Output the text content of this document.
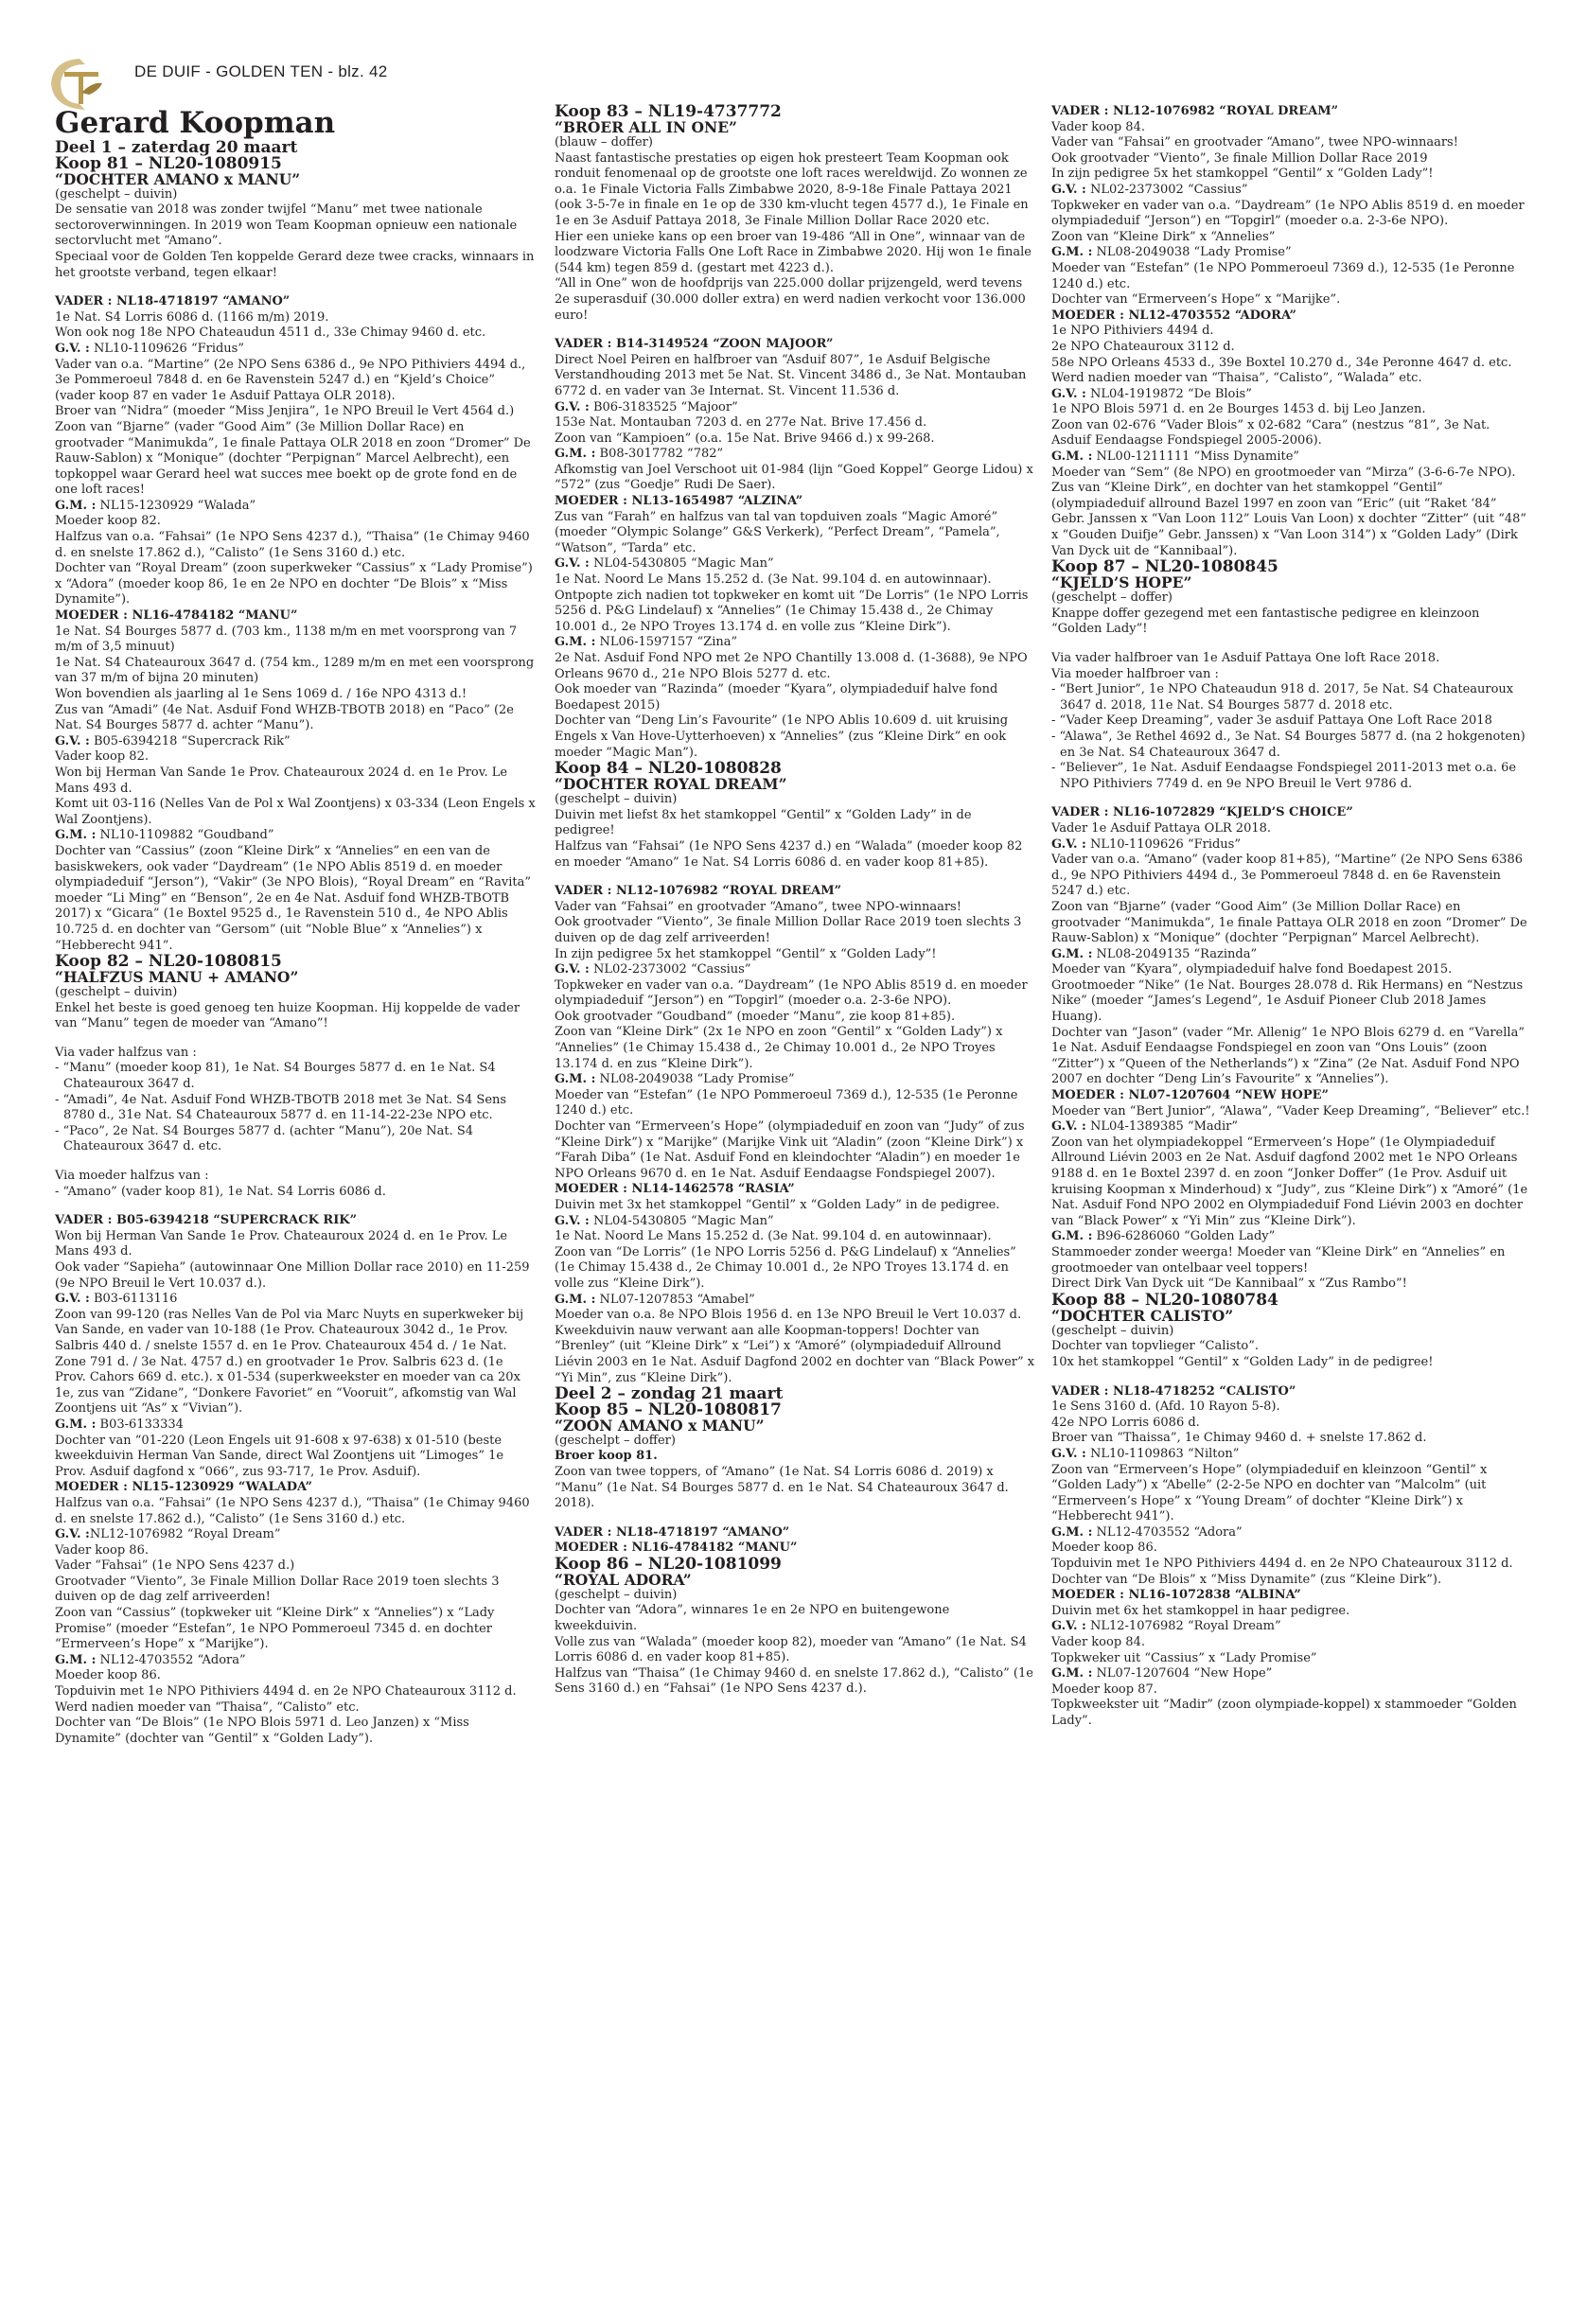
DE DUIF - GOLDEN TEN - blz. 42

Gerard Koopman

Deel 1 – zaterdag 20 maart

Koop 81 – NL20-1080915

“DOCHTER AMANO x MANU”

(geschelpt – duivin)

De sensatie van 2018 was zonder twijfel “Manu” met twee nationale sectoroverwinningen. In 2019 won Team Koopman opnieuw een nationale sectorvlucht met “Amano”.

Speciaal voor de Golden Ten koppelde Gerard deze twee cracks, winnaars in het grootste verband, tegen elkaar!

VADER : NL18-4718197 “AMANO”

1e Nat. S4 Lorris 6086 d. (1166 m/m) 2019.

Won ook nog 18e NPO Chateaudun 4511 d., 33e Chimay 9460 d. etc.

G.V. : NL10-1109626 “Fridus”

Vader van o.a. “Martine” (2e NPO Sens 6386 d., 9e NPO Pithiviers 4494 d., 3e Pommeroeul 7848 d. en 6e Ravenstein 5247 d.) en “Kjeld’s Choice” (vader koop 87 en vader 1e Asduif Pattaya OLR 2018).

Broer van “Nidra” (moeder “Miss Jenjira”, 1e NPO Breuil le Vert 4564 d.)

Zoon van “Bjarne” (vader “Good Aim” (3e Million Dollar Race) en grootvader “Manimukda”, 1e finale Pattaya OLR 2018 en zoon “Dromer” De Rauw-Sablon) x “Monique” (dochter “Perpignan” Marcel Aelbrecht), een topkoppel waar Gerard heel wat succes mee boekt op de grote fond en de one loft races!

G.M. : NL15-1230929 “Walada”

Moeder koop 82.

Halfzus van o.a. “Fahsai” (1e NPO Sens 4237 d.), “Thaisa” (1e Chimay 9460 d. en snelste 17.862 d.), “Calisto” (1e Sens 3160 d.) etc.

Dochter van “Royal Dream” (zoon superkweker “Cassius” x “Lady Promise”) x “Adora” (moeder koop 86, 1e en 2e NPO en dochter “De Blois” x “Miss Dynamite”).

MOEDER : NL16-4784182 “MANU”

1e Nat. S4 Bourges 5877 d. (703 km., 1138 m/m en met voorsprong van 7 m/m of 3,5 minuut)

1e Nat. S4 Chateauroux 3647 d. (754 km., 1289 m/m en met een voorsprong van 37 m/m of bijna 20 minuten)

Won bovendien als jaarling al 1e Sens 1069 d. / 16e NPO 4313 d.!

Zus van “Amadi” (4e Nat. Asduif Fond WHZB-TBOTB 2018) en “Paco” (2e Nat. S4 Bourges 5877 d. achter “Manu”).

G.V. : B05-6394218 “Supercrack Rik”

Vader koop 82.

Won bij Herman Van Sande 1e Prov. Chateauroux 2024 d. en 1e Prov. Le Mans 493 d.

Komt uit 03-116 (Nelles Van de Pol x Wal Zoontjens) x 03-334 (Leon Engels x Wal Zoontjens).

G.M. : NL10-1109882 “Goudband”

Dochter van “Cassius” (zoon “Kleine Dirk” x “Annelies” en een van de basiskwekers, ook vader “Daydream” (1e NPO Ablis 8519 d. en moeder olympiadeduif “Jerson”), “Vakir” (3e NPO Blois), “Royal Dream” en “Ravita” moeder “Li Ming” en “Benson”, 2e en 4e Nat. Asduif fond WHZB-TBOTB 2017) x “Gicara” (1e Boxtel 9525 d., 1e Ravenstein 510 d., 4e NPO Ablis 10.725 d. en dochter van “Gersom” (uit “Noble Blue” x “Annelies”) x “Hebberecht 941”.

Koop 82 – NL20-1080815

“HALFZUS MANU + AMANO”

(geschelpt – duivin)

Enkel het beste is goed genoeg ten huize Koopman. Hij koppelde de vader van “Manu” tegen de moeder van “Amano”!

Via vader halfzus van :

- “Manu” (moeder koop 81), 1e Nat. S4 Bourges 5877 d. en 1e Nat. S4 Chateauroux 3647 d.

- “Amadi”, 4e Nat. Asduif Fond WHZB-TBOTB 2018 met 3e Nat. S4 Sens 8780 d., 31e Nat. S4 Chateauroux 5877 d. en 11-14-22-23e NPO etc.

- “Paco”, 2e Nat. S4 Bourges 5877 d. (achter “Manu”), 20e Nat. S4 Chateauroux 3647 d. etc.

Via moeder halfzus van :

- “Amano” (vader koop 81), 1e Nat. S4 Lorris 6086 d.

VADER : B05-6394218 “SUPERCRACK RIK”

Won bij Herman Van Sande 1e Prov. Chateauroux 2024 d. en 1e Prov. Le Mans 493 d.

Ook vader “Sapieha” (autowinnaar One Million Dollar race 2010) en 11-259 (9e NPO Breuil le Vert 10.037 d.).

G.V. : B03-6113116

Zoon van 99-120 (ras Nelles Van de Pol via Marc Nuyts en superkweker bij Van Sande, en vader van 10-188 (1e Prov. Chateauroux 3042 d., 1e Prov. Salbris 440 d. / snelste 1557 d. en 1e Prov. Chateauroux 454 d. / 1e Nat. Zone 791 d. / 3e Nat. 4757 d.) en grootvader 1e Prov. Salbris 623 d. (1e Prov. Cahors 669 d. etc.). x 01-534 (superkweekster en moeder van ca 20x 1e, zus van “Zidane”, “Donkere Favoriet” en “Vooruit”, afkomstig van Wal Zoontjens uit “As” x “Vivian”).

G.M. : B03-6133334

Dochter van “01-220 (Leon Engels uit 91-608 x 97-638) x 01-510 (beste kweekduivin Herman Van Sande, direct Wal Zoontjens uit “Limoges” 1e Prov. Asduif dagfond x “066”, zus 93-717, 1e Prov. Asduif).

MOEDER : NL15-1230929 “WALADA”

Halfzus van o.a. “Fahsai” (1e NPO Sens 4237 d.), “Thaisa” (1e Chimay 9460 d. en snelste 17.862 d.), “Calisto” (1e Sens 3160 d.) etc.

G.V. :NL12-1076982 “Royal Dream”

Vader koop 86.

Vader “Fahsai” (1e NPO Sens 4237 d.)

Grootvader “Viento”, 3e Finale Million Dollar Race 2019 toen slechts 3 duiven op de dag zelf arriveerden!

Zoon van “Cassius” (topkweker uit “Kleine Dirk” x “Annelies”) x “Lady Promise” (moeder “Estefan”, 1e NPO Pommeroeul 7345 d. en dochter “Ermerveen’s Hope” x “Marijke”).

G.M. : NL12-4703552 “Adora”

Moeder koop 86.

Topduivin met 1e NPO Pithiviers 4494 d. en 2e NPO Chateauroux 3112 d.

Werd nadien moeder van “Thaisa”, “Calisto” etc.

Dochter van “De Blois” (1e NPO Blois 5971 d. Leo Janzen) x “Miss Dynamite” (dochter van “Gentil” x “Golden Lady”).

Koop 83 – NL19-4737772

“BROER ALL IN ONE”

(blauw – doffer)

Naast fantastische prestaties op eigen hok presteert Team Koopman ook ronduit fenomenaal op de grootste one loft races wereldwijd. Zo wonnen ze o.a. 1e Finale Victoria Falls Zimbabwe 2020, 8-9-18e Finale Pattaya 2021 (ook 3-5-7e in finale en 1e op de 330 km-vlucht tegen 4577 d.), 1e Finale en 1e en 3e Asduif Pattaya 2018, 3e Finale Million Dollar Race 2020 etc.

Hier een unieke kans op een broer van 19-486 “All in One”, winnaar van de loodzware Victoria Falls One Loft Race in Zimbabwe 2020. Hij won 1e finale (544 km) tegen 859 d. (gestart met 4223 d.).

“All in One” won de hoofdprijs van 225.000 dollar prijzengeld, werd tevens 2e superasduif (30.000 doller extra) en werd nadien verkocht voor 136.000 euro!

VADER : B14-3149524 “ZOON MAJOOR”

Direct Noel Peiren en halfbroer van “Asduif 807”, 1e Asduif Belgische Verstandhouding 2013 met 5e Nat. St. Vincent 3486 d., 3e Nat. Montauban 6772 d. en vader van 3e Internat. St. Vincent 11.536 d.

G.V. : B06-3183525 “Majoor”

153e Nat. Montauban 7203 d. en 277e Nat. Brive 17.456 d.

Zoon van “Kampioen” (o.a. 15e Nat. Brive 9466 d.) x 99-268.

G.M. : B08-3017782 “782”

Afkomstig van Joel Verschoot uit 01-984 (lijn “Goed Koppel” George Lidou) x “572” (zus “Goedje” Rudi De Saer).

MOEDER : NL13-1654987 “ALZINA”

Zus van “Farah” en halfzus van tal van topduiven zoals “Magic Amoré” (moeder “Olympic Solange” G&S Verkerk), “Perfect Dream”, “Pamela”, “Watson”, “Tarda” etc.

G.V. : NL04-5430805 “Magic Man”

1e Nat. Noord Le Mans 15.252 d. (3e Nat. 99.104 d. en autowinnaar).

Ontpopte zich nadien tot topkweker en komt uit “De Lorris” (1e NPO Lorris 5256 d. P&G Lindelauf) x “Annelies” (1e Chimay 15.438 d., 2e Chimay 10.001 d., 2e NPO Troyes 13.174 d. en volle zus “Kleine Dirk”).

G.M. : NL06-1597157 “Zina”

2e Nat. Asduif Fond NPO met 2e NPO Chantilly 13.008 d. (1-3688), 9e NPO Orleans 9670 d., 21e NPO Blois 5277 d. etc.

Ook moeder van “Razinda” (moeder “Kyara”, olympiadeduif halve fond Boedapest 2015)

Dochter van “Deng Lin’s Favourite” (1e NPO Ablis 10.609 d. uit kruising Engels x Van Hove-Uytterhoeven) x “Annelies” (zus “Kleine Dirk” en ook moeder “Magic Man”).

Koop 84 – NL20-1080828

“DOCHTER ROYAL DREAM”

(geschelpt – duivin)

Duivin met liefst 8x het stamkoppel “Gentil” x “Golden Lady” in de pedigree!

Halfzus van “Fahsai” (1e NPO Sens 4237 d.) en “Walada” (moeder koop 82 en moeder “Amano” 1e Nat. S4 Lorris 6086 d. en vader koop 81+85).

VADER : NL12-1076982 “ROYAL DREAM”

Vader van “Fahsai” en grootvader “Amano”, twee NPO-winnaars!

Ook grootvader “Viento”, 3e finale Million Dollar Race 2019 toen slechts 3 duiven op de dag zelf arriveerden!

In zijn pedigree 5x het stamkoppel “Gentil” x “Golden Lady”!

G.V. : NL02-2373002 “Cassius”

Topkweker en vader van o.a. “Daydream” (1e NPO Ablis 8519 d. en moeder olympiadeduif “Jerson”) en “Topgirl” (moeder o.a. 2-3-6e NPO).

Ook grootvader “Goudband” (moeder “Manu”, zie koop 81+85).

Zoon van “Kleine Dirk” (2x 1e NPO en zoon “Gentil” x “Golden Lady”) x “Annelies” (1e Chimay 15.438 d., 2e Chimay 10.001 d., 2e NPO Troyes 13.174 d. en zus “Kleine Dirk”).

G.M. : NL08-2049038 “Lady Promise”

Moeder van “Estefan” (1e NPO Pommeroeul 7369 d.), 12-535 (1e Peronne 1240 d.) etc.

Dochter van “Ermerveen’s Hope” (olympiadeduif en zoon van “Judy” of zus “Kleine Dirk”) x “Marijke” (Marijke Vink uit “Aladin” (zoon “Kleine Dirk”) x “Farah Diba” (1e Nat. Asduif Fond en kleindochter “Aladin”) en moeder 1e NPO Orleans 9670 d. en 1e Nat. Asduif Eendaagse Fondspiegel 2007).

MOEDER : NL14-1462578 “RASIA”

Duivin met 3x het stamkoppel “Gentil” x “Golden Lady” in de pedigree.

G.V. : NL04-5430805 “Magic Man”

1e Nat. Noord Le Mans 15.252 d. (3e Nat. 99.104 d. en autowinnaar).

Zoon van “De Lorris” (1e NPO Lorris 5256 d. P&G Lindelauf) x “Annelies” (1e Chimay 15.438 d., 2e Chimay 10.001 d., 2e NPO Troyes 13.174 d. en volle zus “Kleine Dirk”).

G.M. : NL07-1207853 “Amabel”

Moeder van o.a. 8e NPO Blois 1956 d. en 13e NPO Breuil le Vert 10.037 d.

Kweekduivin nauw verwant aan alle Koopman-toppers! Dochter van “Brenley” (uit “Kleine Dirk” x “Lei”) x “Amoré” (olympiadeduif Allround Liévin 2003 en 1e Nat. Asduif Dagfond 2002 en dochter van “Black Power” x “Yi Min”, zus “Kleine Dirk”).

Deel 2 – zondag 21 maart

Koop 85 – NL20-1080817

“ZOON AMANO x MANU”

(geschelpt – doffer)

Broer koop 81.

Zoon van twee toppers, of “Amano” (1e Nat. S4 Lorris 6086 d. 2019) x “Manu” (1e Nat. S4 Bourges 5877 d. en 1e Nat. S4 Chateauroux 3647 d. 2018).

VADER : NL18-4718197 “AMANO”

MOEDER : NL16-4784182 “MANU”

Koop 86 – NL20-1081099

“ROYAL ADORA”

(geschelpt – duivin)

Dochter van “Adora”, winnares 1e en 2e NPO en buitengewone kweekduivin.

Volle zus van “Walada” (moeder koop 82), moeder van “Amano” (1e Nat. S4 Lorris 6086 d. en vader koop 81+85).

Halfzus van “Thaisa” (1e Chimay 9460 d. en snelste 17.862 d.), “Calisto” (1e Sens 3160 d.) en “Fahsai” (1e NPO Sens 4237 d.).

VADER : NL12-1076982 “ROYAL DREAM”

Vader koop 84.

Vader van “Fahsai” en grootvader “Amano”, twee NPO-winnaars!

Ook grootvader “Viento”, 3e finale Million Dollar Race 2019

In zijn pedigree 5x het stamkoppel “Gentil” x “Golden Lady”!

G.V. : NL02-2373002 “Cassius”

Topkweker en vader van o.a. “Daydream” (1e NPO Ablis 8519 d. en moeder olympiadeduif “Jerson”) en “Topgirl” (moeder o.a. 2-3-6e NPO).

Zoon van “Kleine Dirk” x “Annelies”

G.M. : NL08-2049038 “Lady Promise”

Moeder van “Estefan” (1e NPO Pommeroeul 7369 d.), 12-535 (1e Peronne 1240 d.) etc.

Dochter van “Ermerveen’s Hope” x “Marijke”.

MOEDER : NL12-4703552 “ADORA”

1e NPO Pithiviers 4494 d.

2e NPO Chateauroux 3112 d.

58e NPO Orleans 4533 d., 39e Boxtel 10.270 d., 34e Peronne 4647 d. etc.

Werd nadien moeder van “Thaisa”, “Calisto”, “Walada” etc.

G.V. : NL04-1919872 “De Blois”

1e NPO Blois 5971 d. en 2e Bourges 1453 d. bij Leo Janzen.

Zoon van 02-676 “Vader Blois” x 02-682 “Cara” (nestzus “81”, 3e Nat. Asduif Eendaagse Fondspiegel 2005-2006).

G.M. : NL00-1211111 “Miss Dynamite”

Moeder van “Sem” (8e NPO) en grootmoeder van “Mirza” (3-6-6-7e NPO).

Zus van “Kleine Dirk”, en dochter van het stamkoppel “Gentil” (olympiadeduif allround Bazel 1997 en zoon van “Eric” (uit “Raket ‘84” Gebr. Janssen x “Van Loon 112” Louis Van Loon) x dochter “Zitter” (uit “48” x “Gouden Duifje” Gebr. Janssen) x “Van Loon 314”) x “Golden Lady” (Dirk Van Dyck uit de “Kannibaal”).

Koop 87 – NL20-1080845

“KJELD’S HOPE”

(geschelpt – doffer)

Knappe doffer gezegend met een fantastische pedigree en kleinzoon “Golden Lady”!

Via vader halfbroer van 1e Asduif Pattaya One loft Race 2018.

Via moeder halfbroer van :

- “Bert Junior”, 1e NPO Chateaudun 918 d. 2017, 5e Nat. S4 Chateauroux 3647 d. 2018, 11e Nat. S4 Bourges 5877 d. 2018 etc.

- “Vader Keep Dreaming”, vader 3e asduif Pattaya One Loft Race 2018

- “Alawa”, 3e Rethel 4692 d., 3e Nat. S4 Bourges 5877 d. (na 2 hokgenoten) en 3e Nat. S4 Chateauroux 3647 d.

- “Believer”, 1e Nat. Asduif Eendaagse Fondspiegel 2011-2013 met o.a. 6e NPO Pithiviers 7749 d. en 9e NPO Breuil le Vert 9786 d.

VADER : NL16-1072829 “KJELD’S CHOICE”

Vader 1e Asduif Pattaya OLR 2018.

G.V. : NL10-1109626 “Fridus”

Vader van o.a. “Amano” (vader koop 81+85), “Martine” (2e NPO Sens 6386 d., 9e NPO Pithiviers 4494 d., 3e Pommeroeul 7848 d. en 6e Ravenstein 5247 d.) etc.

Zoon van “Bjarne” (vader “Good Aim” (3e Million Dollar Race) en grootvader “Manimukda”, 1e finale Pattaya OLR 2018 en zoon “Dromer” De Rauw-Sablon) x “Monique” (dochter “Perpignan” Marcel Aelbrecht).

G.M. : NL08-2049135 “Razinda”

Moeder van “Kyara”, olympiadeduif halve fond Boedapest 2015.

Grootmoeder “Nike” (1e Nat. Bourges 28.078 d. Rik Hermans) en “Nestzus Nike” (moeder “James’s Legend”, 1e Asduif Pioneer Club 2018 James Huang).

Dochter van “Jason” (vader “Mr. Allenig” 1e NPO Blois 6279 d. en “Varella” 1e Nat. Asduif Eendaagse Fondspiegel en zoon van “Ons Louis” (zoon “Zitter”) x “Queen of the Netherlands”) x “Zina” (2e Nat. Asduif Fond NPO 2007 en dochter “Deng Lin’s Favourite” x “Annelies”).

MOEDER : NL07-1207604 “NEW HOPE”

Moeder van “Bert Junior”, “Alawa”, “Vader Keep Dreaming”, “Believer” etc.!

G.V. : NL04-1389385 “Madir”

Zoon van het olympiadekoppel “Ermerveen’s Hope” (1e Olympiadeduif Allround Liévin 2003 en 2e Nat. Asduif dagfond 2002 met 1e NPO Orleans 9188 d. en 1e Boxtel 2397 d. en zoon “Jonker Doffer” (1e Prov. Asduif uit kruising Koopman x Minderhoud) x “Judy”, zus “Kleine Dirk”) x “Amoré” (1e Nat. Asduif Fond NPO 2002 en Olympiadeduif Fond Liévin 2003 en dochter van “Black Power” x “Yi Min” zus “Kleine Dirk”).

G.M. : B96-6286060 “Golden Lady”

Stammoeder zonder weerga! Moeder van “Kleine Dirk” en “Annelies” en grootmoeder van ontelbaar veel toppers!

Direct Dirk Van Dyck uit “De Kannibaal” x “Zus Rambo”!

Koop 88 – NL20-1080784

“DOCHTER CALISTO”

(geschelpt – duivin)

Dochter van topvlieger “Calisto”.

10x het stamkoppel “Gentil” x “Golden Lady” in de pedigree!

VADER : NL18-4718252 “CALISTO”

1e Sens 3160 d. (Afd. 10 Rayon 5-8).

42e NPO Lorris 6086 d.

Broer van “Thaissa”, 1e Chimay 9460 d. + snelste 17.862 d.

G.V. : NL10-1109863 “Nilton”

Zoon van “Ermerveen’s Hope” (olympiadeduif en kleinzoon “Gentil” x “Golden Lady”) x “Abelle” (2-2-5e NPO en dochter van “Malcolm” (uit “Ermerveen’s Hope” x “Young Dream” of dochter “Kleine Dirk”) x “Hebberecht 941”).

G.M. : NL12-4703552 “Adora”

Moeder koop 86.

Topduivin met 1e NPO Pithiviers 4494 d. en 2e NPO Chateauroux 3112 d.

Dochter van “De Blois” x “Miss Dynamite” (zus “Kleine Dirk”).

MOEDER : NL16-1072838 “ALBINA”

Duivin met 6x het stamkoppel in haar pedigree.

G.V. : NL12-1076982 “Royal Dream”

Vader koop 84.

Topkweker uit “Cassius” x “Lady Promise”

G.M. : NL07-1207604 “New Hope”

Moeder koop 87.

Topkweekster uit “Madir” (zoon olympiade-koppel) x stammoeder “Golden Lady”.
